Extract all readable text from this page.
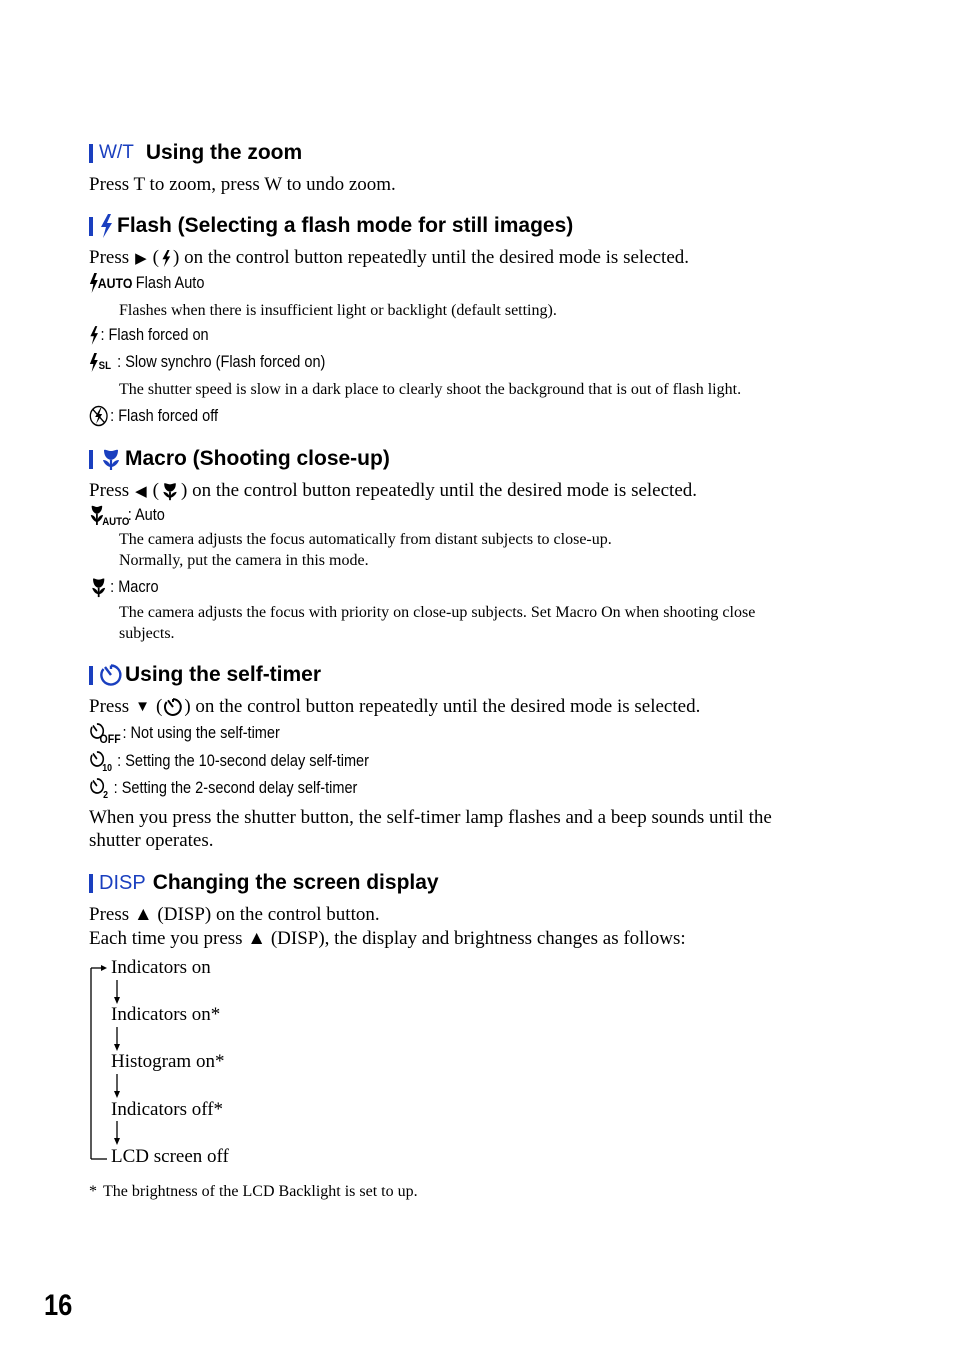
W/T Using the zoom
Press T to zoom, press W to undo zoom.
Flash (Selecting a flash mode for still images)
Press ▶ ( ) on the control button repeatedly until the desired mode is selected.
AUTO
: Flash Auto
Flashes when there is insufficient light or backlight (default setting).
: Flash forced on
SL : Slow synchro (Flash forced on)
The shutter speed is slow in a dark place to clearly shoot the background that is out of flash light.
: Flash forced off
Macro (Shooting close-up)
Press ◀ ( ) on the control button repeatedly until the desired mode is selected.
AUTO
: Auto
The camera adjusts the focus automatically from distant subjects to close-up.
Normally, put the camera in this mode.
: Macro
The camera adjusts the focus with priority on close-up subjects. Set Macro On when shooting close
subjects.
Using the self-timer
Press ▼ ( ) on the control button repeatedly until the desired mode is selected.
OFF : Not using the self-timer
10 : Setting the 10-second delay self-timer
2 : Setting the 2-second delay self-timer
When you press the shutter button, the self-timer lamp flashes and a beep sounds until the
shutter operates.
DISP Changing the screen display
Press ▲ (DISP) on the control button.
Each time you press ▲ (DISP), the display and brightness changes as follows:
Indicators on
Indicators on*
Histogram on*
Indicators off*
LCD screen off
* The brightness of the LCD Backlight is set to up.
16
